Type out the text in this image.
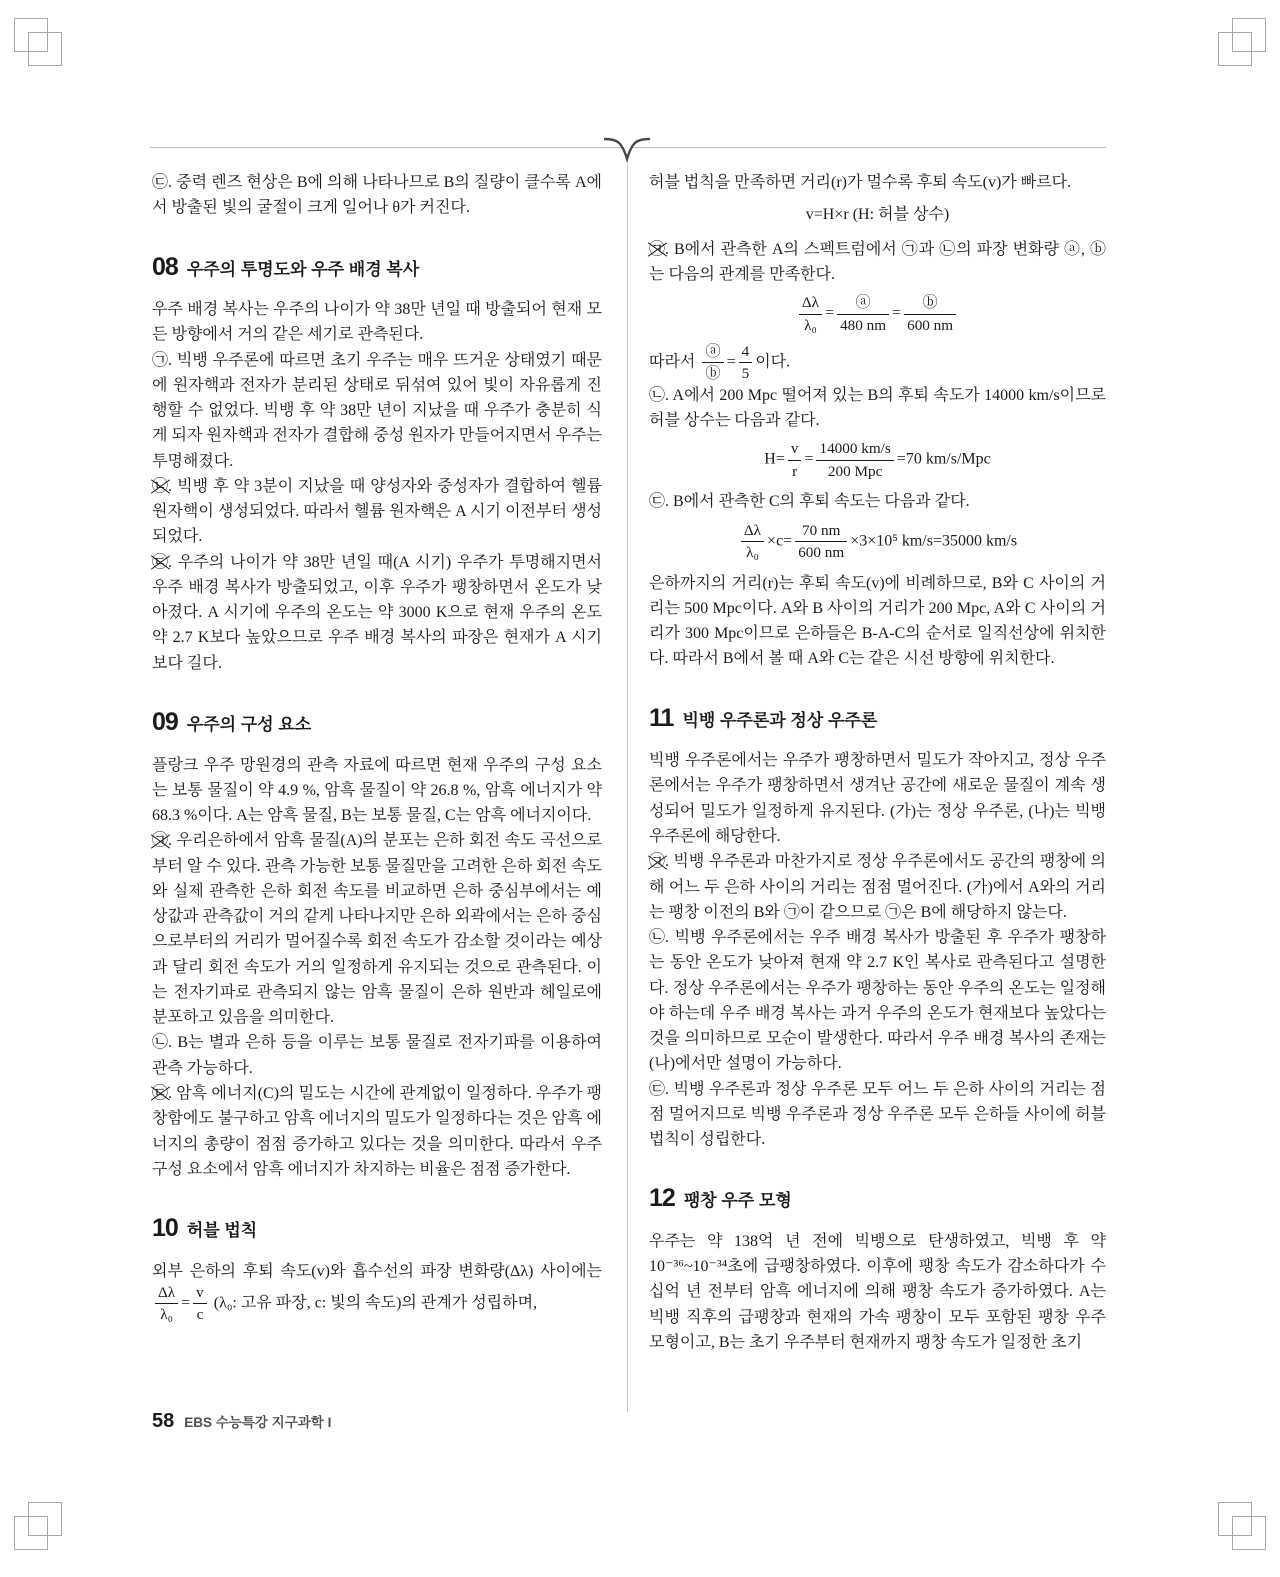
㉢. 중력 렌즈 현상은 B에 의해 나타나므로 B의 질량이 클수록 A에서 방출된 빛의 굴절이 크게 일어나 θ가 커진다.

08 우주의 투명도와 우주 배경 복사

우주 배경 복사는 우주의 나이가 약 38만 년일 때 방출되어 현재 모든 방향에서 거의 같은 세기로 관측된다.

㉠. 빅뱅 우주론에 따르면 초기 우주는 매우 뜨거운 상태였기 때문에 원자핵과 전자가 분리된 상태로 뒤섞여 있어 빛이 자유롭게 진행할 수 없었다. 빅뱅 후 약 38만 년이 지났을 때 우주가 충분히 식게 되자 원자핵과 전자가 결합해 중성 원자가 만들어지면서 우주는 투명해졌다.

㉡. 빅뱅 후 약 3분이 지났을 때 양성자와 중성자가 결합하여 헬륨 원자핵이 생성되었다. 따라서 헬륨 원자핵은 A 시기 이전부터 생성되었다.

㉢. 우주의 나이가 약 38만 년일 때(A 시기) 우주가 투명해지면서 우주 배경 복사가 방출되었고, 이후 우주가 팽창하면서 온도가 낮아졌다. A 시기에 우주의 온도는 약 3000 K으로 현재 우주의 온도 약 2.7 K보다 높았으므로 우주 배경 복사의 파장은 현재가 A 시기보다 길다.

09 우주의 구성 요소

플랑크 우주 망원경의 관측 자료에 따르면 현재 우주의 구성 요소는 보통 물질이 약 4.9 %, 암흑 물질이 약 26.8 %, 암흑 에너지가 약 68.3 %이다. A는 암흑 물질, B는 보통 물질, C는 암흑 에너지이다.

㉠. 우리은하에서 암흑 물질(A)의 분포는 은하 회전 속도 곡선으로부터 알 수 있다. 관측 가능한 보통 물질만을 고려한 은하 회전 속도와 실제 관측한 은하 회전 속도를 비교하면 은하 중심부에서는 예상값과 관측값이 거의 같게 나타나지만 은하 외곽에서는 은하 중심으로부터의 거리가 멀어질수록 회전 속도가 감소할 것이라는 예상과 달리 회전 속도가 거의 일정하게 유지되는 것으로 관측된다. 이는 전자기파로 관측되지 않는 암흑 물질이 은하 원반과 헤일로에 분포하고 있음을 의미한다.

㉡. B는 별과 은하 등을 이루는 보통 물질로 전자기파를 이용하여 관측 가능하다.

㉢. 암흑 에너지(C)의 밀도는 시간에 관계없이 일정하다. 우주가 팽창함에도 불구하고 암흑 에너지의 밀도가 일정하다는 것은 암흑 에너지의 총량이 점점 증가하고 있다는 것을 의미한다. 따라서 우주 구성 요소에서 암흑 에너지가 차지하는 비율은 점점 증가한다.

10 허블 법칙

외부 은하의 후퇴 속도(v)와 흡수선의 파장 변화량(Δλ) 사이에는
$\frac{\Delta\lambda}{\text{λ₀}} = \frac{v}{c} (\lambda_0$: 고유 파장, c: 빛의 속도)의 관계가 성립하며,

허블 법칙을 만족하면 거리(r)가 멀수록 후퇴 속도(v)가 빠르다.

v=H×r (H: 허블 상수)

㉠. B에서 관측한 A의 스펙트럼에서 ㉠과 ㉡의 파장 변화량 ⓐ, ⓑ는 다음의 관계를 만족한다.

$\frac{\Delta\lambda}{\text{λ₀}} = \frac{ⓐ}{480 nm} = \frac{ⓑ}{600 nm}$

따라서 $\frac{ⓐ}{ⓑ} = \frac{4}{5}$ 이다.

㉡. A에서 200 Mpc 떨어져 있는 B의 후퇴 속도가 14000 km/s이므로 허블 상수는 다음과 같다.

$H= \frac{v}{r} = \frac{14000 km/s}{\text{200 Mpc}} =70$ km/s/Mpc

㉢. B에서 관측한 C의 후퇴 속도는 다음과 같다.

$\frac{\Delta\lambda}{\text{λ₀}} \times c= \frac{70 nm}{600 nm} \times 3\times 10^5$ km/s=35000 km/s

은하까지의 거리(r)는 후퇴 속도(v)에 비례하므로, B와 C 사이의 거리는 500 Mpc이다. A와 B 사이의 거리가 200 Mpc, A와 C 사이의 거리가 300 Mpc이므로 은하들은 B-A-C의 순서로 일직선상에 위치한다. 따라서 B에서 볼 때 A와 C는 같은 시선 방향에 위치한다.

11 빅뱅 우주론과 정상 우주론

빅뱅 우주론에서는 우주가 팽창하면서 밀도가 작아지고, 정상 우주론에서는 우주가 팽창하면서 생겨난 공간에 새로운 물질이 계속 생성되어 밀도가 일정하게 유지된다. (가)는 정상 우주론, (나)는 빅뱅 우주론에 해당한다.

㉠. 빅뱅 우주론과 마찬가지로 정상 우주론에서도 공간의 팽창에 의해 어느 두 은하 사이의 거리는 점점 멀어진다. (가)에서 A와의 거리는 팽창 이전의 B와 ㉠이 같으므로 ㉠은 B에 해당하지 않는다.

㉡. 빅뱅 우주론에서는 우주 배경 복사가 방출된 후 우주가 팽창하는 동안 온도가 낮아져 현재 약 2.7 K인 복사로 관측된다고 설명한다. 정상 우주론에서는 우주가 팽창하는 동안 우주의 온도는 일정해야 하는데 우주 배경 복사는 과거 우주의 온도가 현재보다 높았다는 것을 의미하므로 모순이 발생한다. 따라서 우주 배경 복사의 존재는 (나)에서만 설명이 가능하다.

㉢. 빅뱅 우주론과 정상 우주론 모두 어느 두 은하 사이의 거리는 점점 멀어지므로 빅뱅 우주론과 정상 우주론 모두 은하들 사이에 허블 법칙이 성립한다.

12 팽창 우주 모형

우주는 약 138억 년 전에 빅뱅으로 탄생하였고, 빅뱅 후 약 10⁻³⁶~10⁻³⁴초에 급팽창하였다. 이후에 팽창 속도가 감소하다가 수십억 년 전부터 암흑 에너지에 의해 팽창 속도가 증가하였다. A는 빅뱅 직후의 급팽창과 현재의 가속 팽창이 모두 포함된 팽창 우주 모형이고, B는 초기 우주부터 현재까지 팽창 속도가 일정한 초기

58 EBS 수능특강 지구과학 I
